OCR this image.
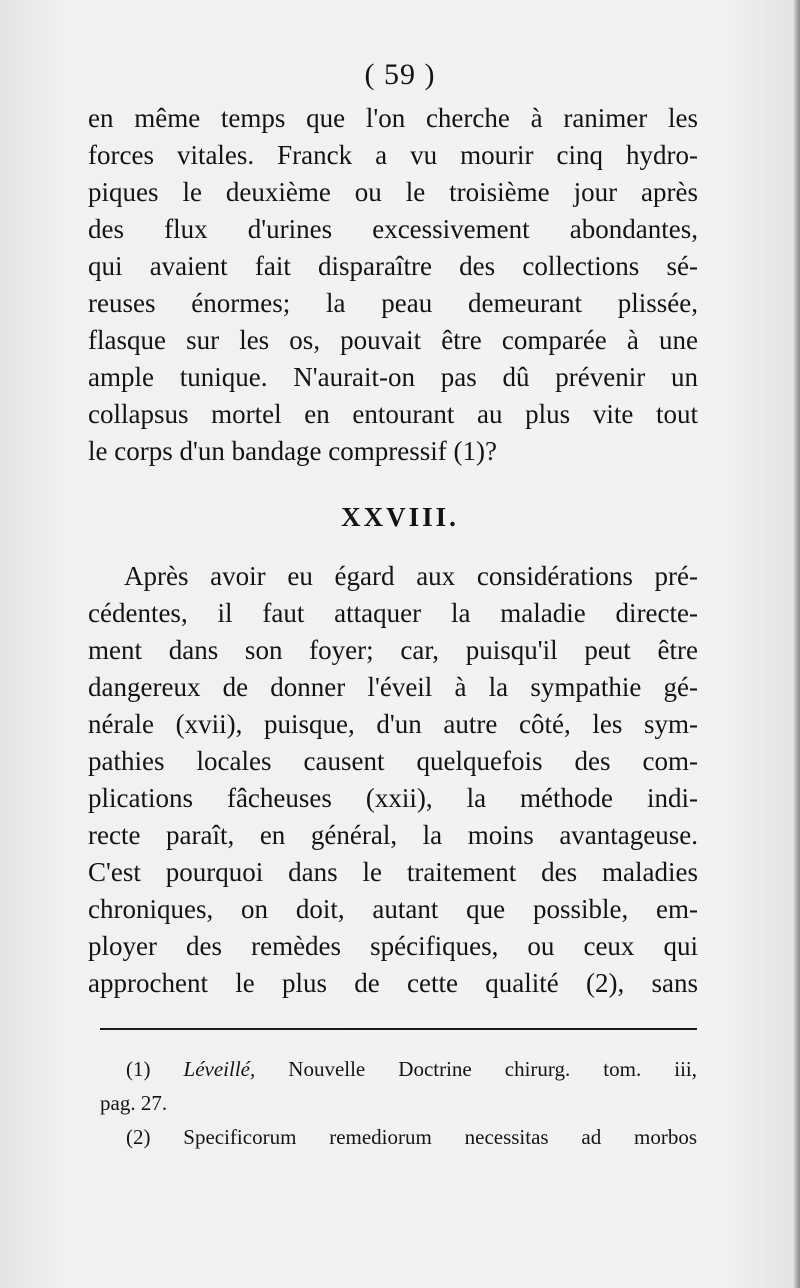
( 59 )
en même temps que l'on cherche à ranimer les
forces vitales. Franck a vu mourir cinq hydro-
piques le deuxième ou le troisième jour après
des flux d'urines excessivement abondantes,
qui avaient fait disparaître des collections sé-
reuses énormes; la peau demeurant plissée,
flasque sur les os, pouvait être comparée à une
ample tunique. N'aurait-on pas dû prévenir un
collapsus mortel en entourant au plus vite tout
le corps d'un bandage compressif (1)?
XXVIII.
Après avoir eu égard aux considérations pré-
cédentes, il faut attaquer la maladie directe-
ment dans son foyer; car, puisqu'il peut être
dangereux de donner l'éveil à la sympathie gé-
nérale (xvii), puisque, d'un autre côté, les sym-
pathies locales causent quelquefois des com-
plications fâcheuses (xxii), la méthode indi-
recte paraît, en général, la moins avantageuse.
C'est pourquoi dans le traitement des maladies
chroniques, on doit, autant que possible, em-
ployer des remèdes spécifiques, ou ceux qui
approchent le plus de cette qualité (2), sans
(1) Léveillé, Nouvelle Doctrine chirurg. tom. iii,
pag. 27.
(2) Specificorum remediorum necessitas ad morbos
